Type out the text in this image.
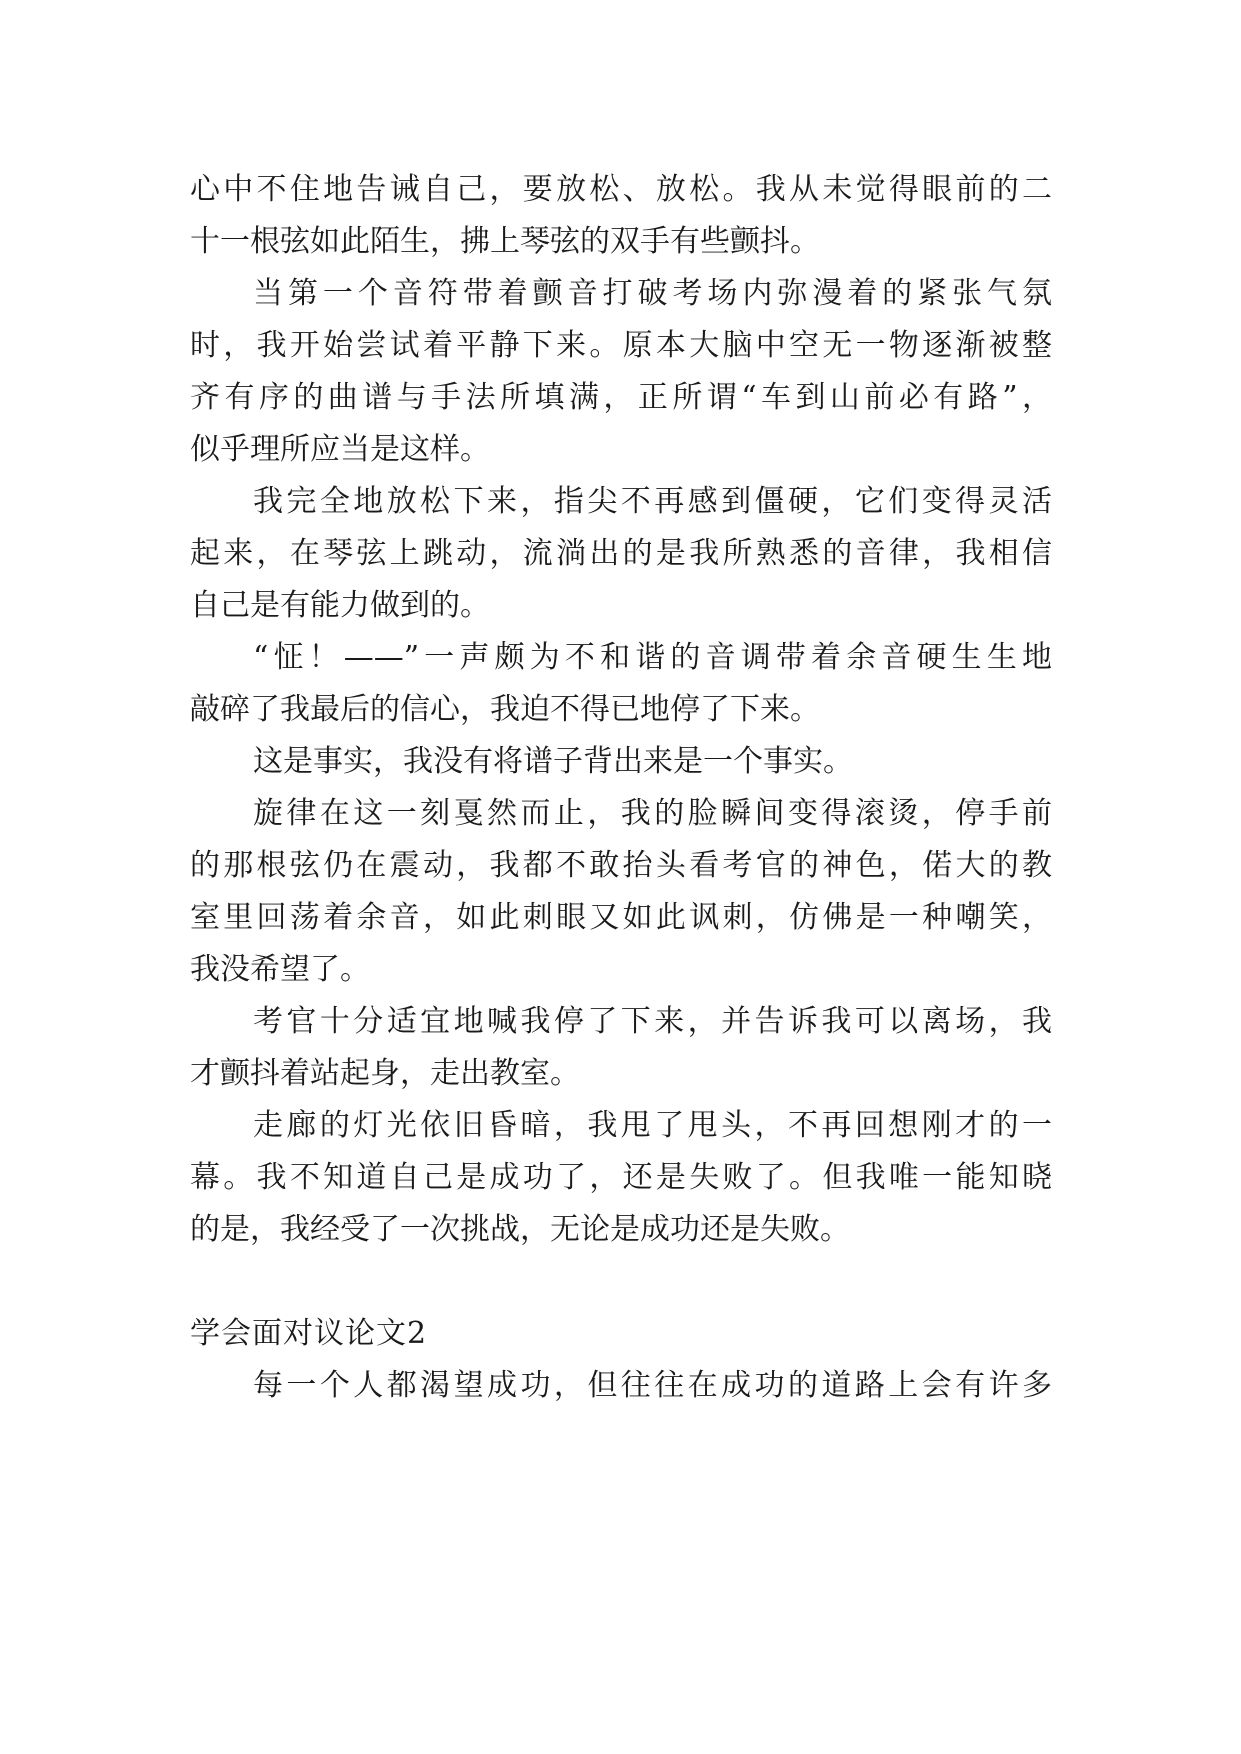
心中不住地告诫自己，要放松、放松。我从未觉得眼前的二
十一根弦如此陌生，拂上琴弦的双手有些颤抖。
当第一个音符带着颤音打破考场内弥漫着的紧张气氛
时，我开始尝试着平静下来。原本大脑中空无一物逐渐被整
齐有序的曲谱与手法所填满，正所谓“车到山前必有路”，
似乎理所应当是这样。
我完全地放松下来，指尖不再感到僵硬，它们变得灵活
起来，在琴弦上跳动，流淌出的是我所熟悉的音律，我相信
自己是有能力做到的。
“怔！——”一声颇为不和谐的音调带着余音硬生生地
敲碎了我最后的信心，我迫不得已地停了下来。
这是事实，我没有将谱子背出来是一个事实。
旋律在这一刻戛然而止，我的脸瞬间变得滚烫，停手前
的那根弦仍在震动，我都不敢抬头看考官的神色，偌大的教
室里回荡着余音，如此刺眼又如此讽刺，仿佛是一种嘲笑，
我没希望了。
考官十分适宜地喊我停了下来，并告诉我可以离场，我
才颤抖着站起身，走出教室。
走廊的灯光依旧昏暗，我甩了甩头，不再回想刚才的一
幕。我不知道自己是成功了，还是失败了。但我唯一能知晓
的是，我经受了一次挑战，无论是成功还是失败。
学会面对议论文2
每一个人都渴望成功，但往往在成功的道路上会有许多
